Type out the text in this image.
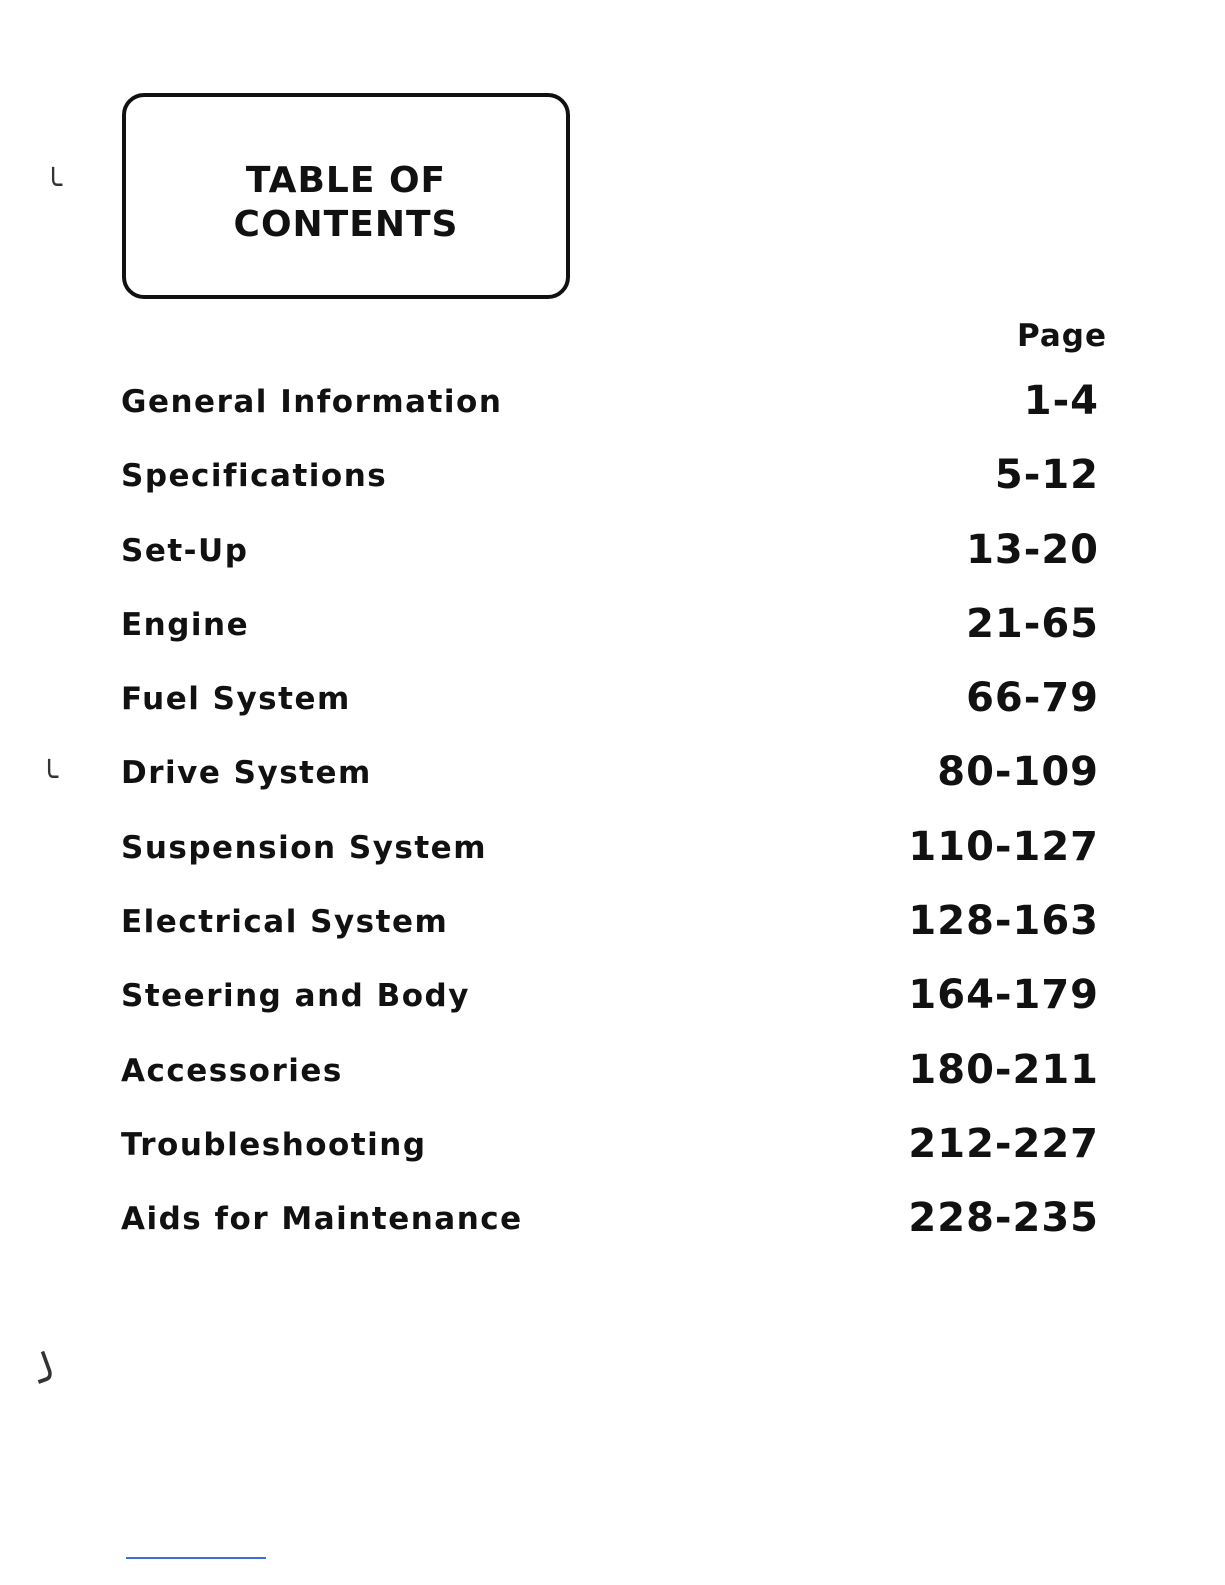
TABLE OF
CONTENTS
Page
General Information	1-4
Specifications	5-12
Set-Up	13-20
Engine	21-65
Fuel System	66-79
Drive System	80-109
Suspension System	110-127
Electrical System	128-163
Steering and Body	164-179
Accessories	180-211
Troubleshooting	212-227
Aids for Maintenance	228-235
╰
╰
╯
